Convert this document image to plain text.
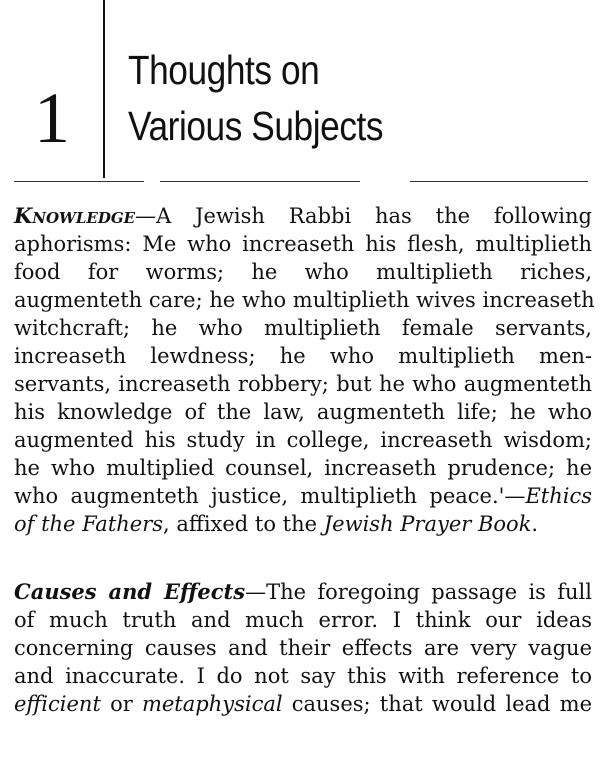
1
Thoughts on
Various Subjects
Knowledge—A Jewish Rabbi has the following
aphorisms: Me who increaseth his flesh, multiplieth
food for worms; he who multiplieth riches,
augmenteth care; he who multiplieth wives increaseth
witchcraft; he who multiplieth female servants,
increaseth lewdness; he who multiplieth men-
servants, increaseth robbery; but he who augmenteth
his knowledge of the law, augmenteth life; he who
augmented his study in college, increaseth wisdom;
he who multiplied counsel, increaseth prudence; he
who augmenteth justice, multiplieth peace.'—Ethics
of the Fathers, affixed to the Jewish Prayer Book.
Causes and Effects—The foregoing passage is full
of much truth and much error. I think our ideas
concerning causes and their effects are very vague
and inaccurate. I do not say this with reference to
efficient or metaphysical causes; that would lead me
